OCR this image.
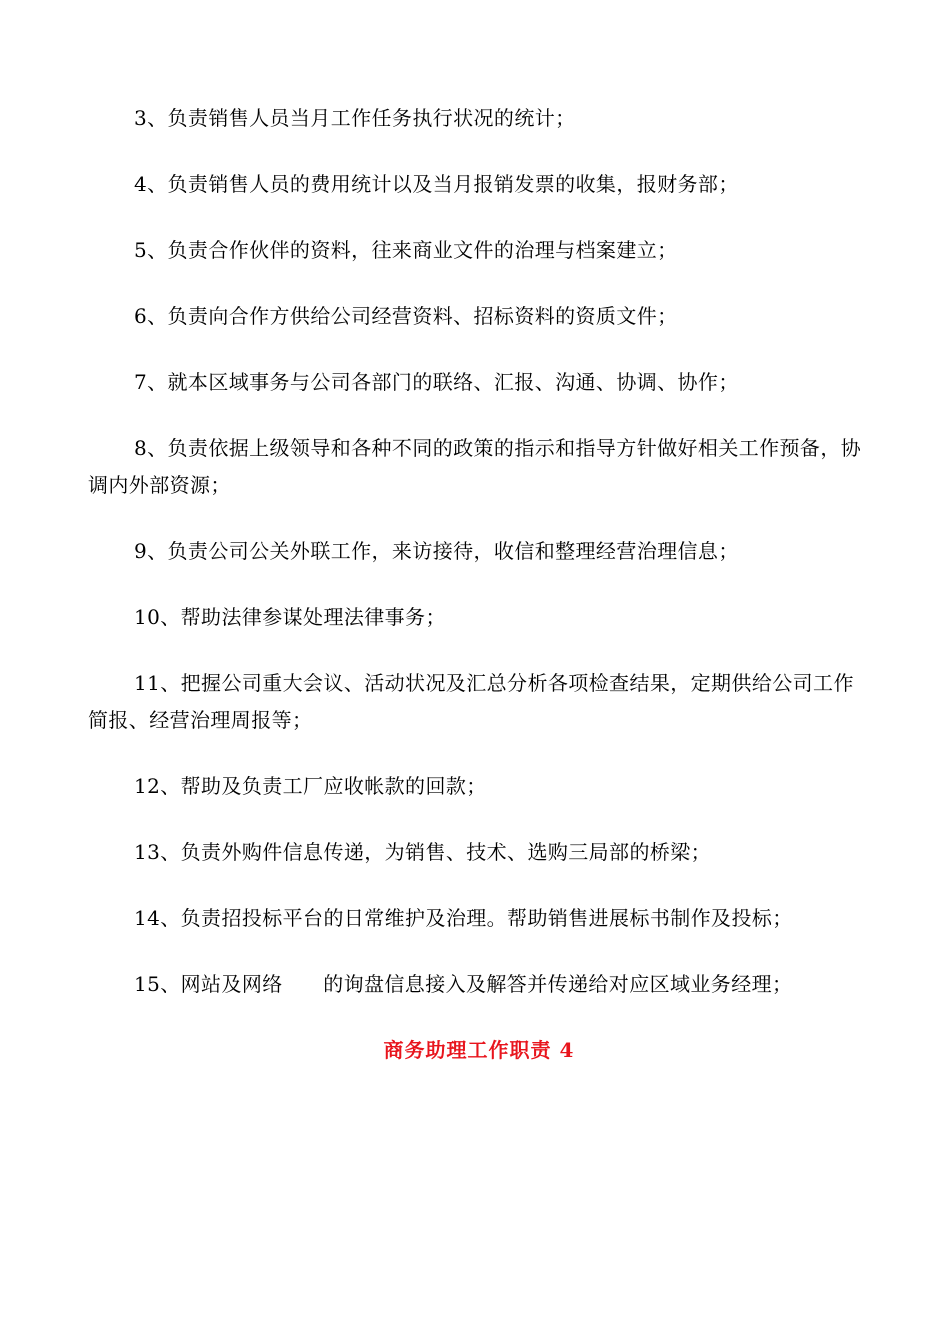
3、负责销售人员当月工作任务执行状况的统计；

4、负责销售人员的费用统计以及当月报销发票的收集，报财务部；

5、负责合作伙伴的资料，往来商业文件的治理与档案建立；

6、负责向合作方供给公司经营资料、招标资料的资质文件；

7、就本区域事务与公司各部门的联络、汇报、沟通、协调、协作；

8、负责依据上级领导和各种不同的政策的指示和指导方针做好相关工作预备，协调内外部资源；

9、负责公司公关外联工作，来访接待，收信和整理经营治理信息；

10、帮助法律参谋处理法律事务；

11、把握公司重大会议、活动状况及汇总分析各项检查结果，定期供给公司工作简报、经营治理周报等；

12、帮助及负责工厂应收帐款的回款；

13、负责外购件信息传递，为销售、技术、选购三局部的桥梁；

14、负责招投标平台的日常维护及治理。帮助销售进展标书制作及投标；

15、网站及网络      的询盘信息接入及解答并传递给对应区域业务经理；

商务助理工作职责 4
